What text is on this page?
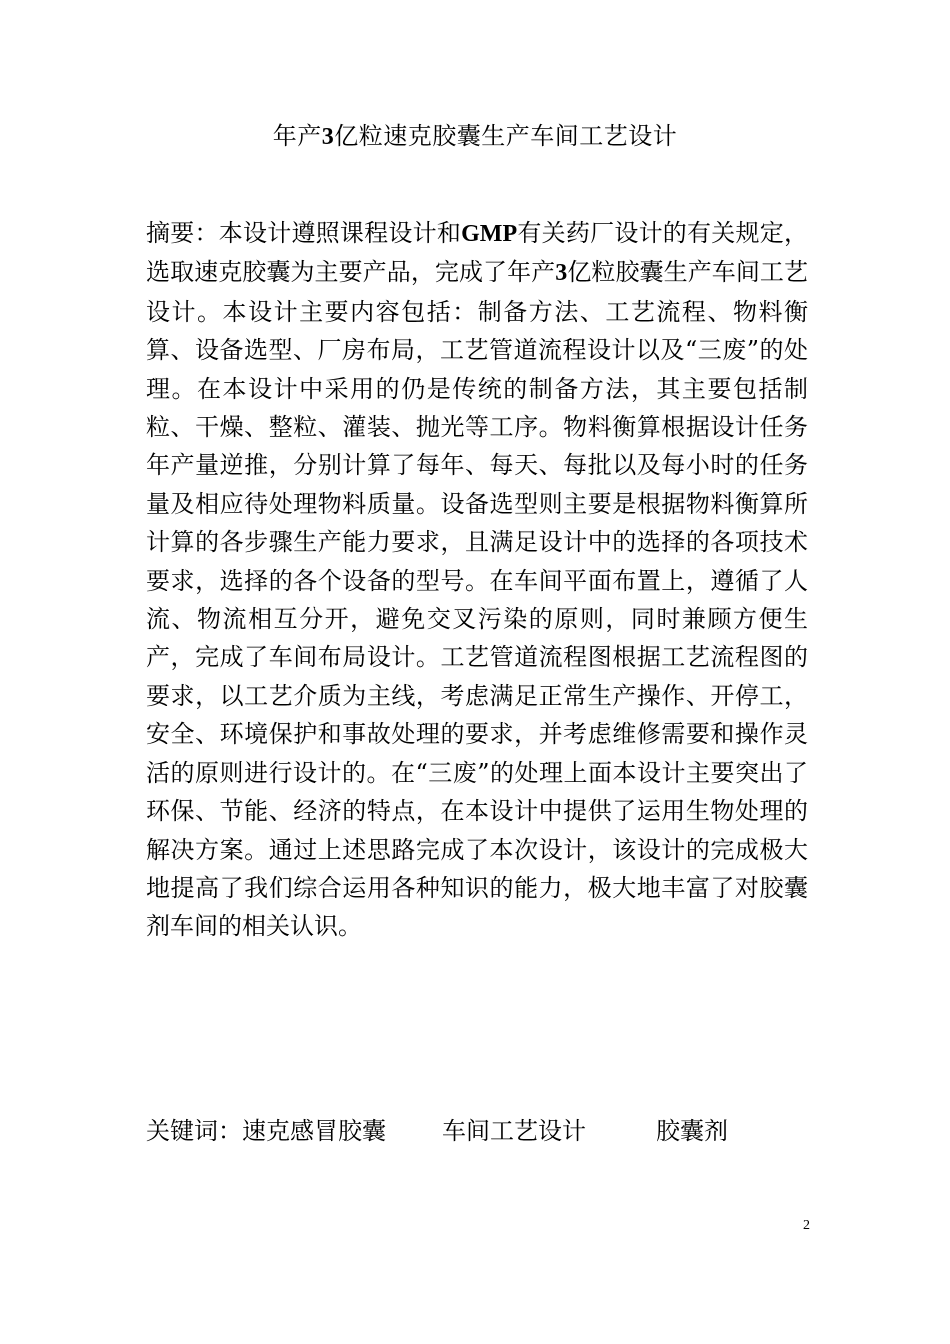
年产3亿粒速克胶囊生产车间工艺设计

摘要：本设计遵照课程设计和GMP有关药厂设计的有关规定，选取速克胶囊为主要产品，完成了年产3亿粒胶囊生产车间工艺设计。本设计主要内容包括：制备方法、工艺流程、物料衡算、设备选型、厂房布局，工艺管道流程设计以及“三废”的处理。在本设计中采用的仍是传统的制备方法，其主要包括制粒、干燥、整粒、灌装、抛光等工序。物料衡算根据设计任务年产量逆推，分别计算了每年、每天、每批以及每小时的任务量及相应待处理物料质量。设备选型则主要是根据物料衡算所计算的各步骤生产能力要求，且满足设计中的选择的各项技术要求，选择的各个设备的型号。在车间平面布置上，遵循了人流、物流相互分开，避免交叉污染的原则，同时兼顾方便生产，完成了车间布局设计。工艺管道流程图根据工艺流程图的要求，以工艺介质为主线，考虑满足正常生产操作、开停工，安全、环境保护和事故处理的要求，并考虑维修需要和操作灵活的原则进行设计的。在“三废”的处理上面本设计主要突出了环保、节能、经济的特点，在本设计中提供了运用生物处理的解决方案。通过上述思路完成了本次设计，该设计的完成极大地提高了我们综合运用各种知识的能力，极大地丰富了对胶囊剂车间的相关认识。

关键词：速克感冒胶囊 车间工艺设计	胶囊剂
2
